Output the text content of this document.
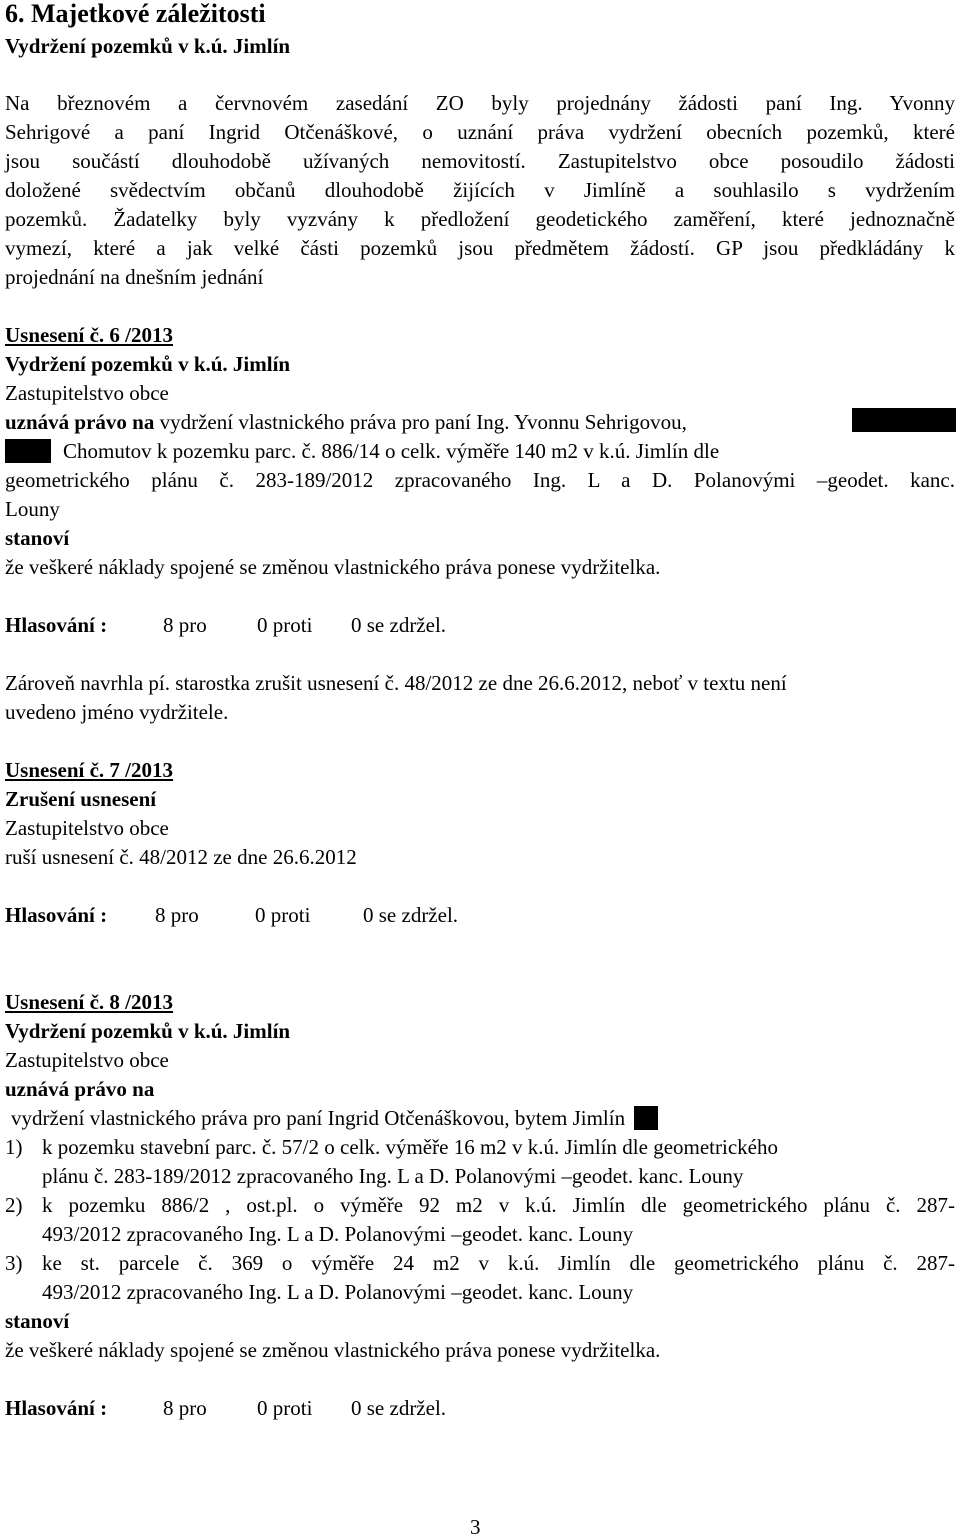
6. Majetkové záležitosti
Vydržení pozemků v k.ú. Jimlín
Na březnovém a červnovém zasedání ZO byly projednány žádosti paní Ing. Yvonny
Sehrigové a paní Ingrid Otčenáškové, o uznání práva vydržení obecních pozemků, které
jsou součástí dlouhodobě užívaných nemovitostí. Zastupitelstvo obce posoudilo žádosti
doložené svědectvím občanů dlouhodobě žijících v Jimlíně a souhlasilo s vydržením
pozemků. Žadatelky byly vyzvány k předložení geodetického zaměření, které jednoznačně
vymezí, které a jak velké části pozemků jsou předmětem žádostí. GP jsou předkládány k
projednání na dnešním jednání
Usnesení č. 6 /2013
Vydržení pozemků v k.ú. Jimlín
Zastupitelstvo obce
uznává právo na vydržení vlastnického práva pro paní Ing. Yvonnu Sehrigovou,
Chomutov k pozemku parc. č. 886/14 o celk. výměře 140 m2 v k.ú. Jimlín dle
geometrického plánu č. 283-189/2012 zpracovaného Ing. L a D. Polanovými –geodet. kanc.
Louny
stanoví
že veškeré náklady spojené se změnou vlastnického práva ponese vydržitelka.
Hlasování :	8 pro 0 proti 0 se zdržel.
Zároveň navrhla pí. starostka zrušit usnesení č. 48/2012 ze dne 26.6.2012, neboť v textu není
uvedeno jméno vydržitele.
Usnesení č. 7 /2013
Zrušení usnesení
Zastupitelstvo obce
ruší usnesení č. 48/2012 ze dne 26.6.2012
Hlasování : 8 pro	0 proti	0 se zdržel.
Usnesení č. 8 /2013
Vydržení pozemků v k.ú. Jimlín
Zastupitelstvo obce
uznává právo na
vydržení vlastnického práva pro paní Ingrid Otčenáškovou, bytem Jimlín
1) k pozemku stavební parc. č. 57/2 o celk. výměře 16 m2 v k.ú. Jimlín dle geometrického
plánu č. 283-189/2012 zpracovaného Ing. L a D. Polanovými –geodet. kanc. Louny
2) k pozemku 886/2 , ost.pl. o výměře 92 m2 v k.ú. Jimlín dle geometrického plánu č. 287-
493/2012 zpracovaného Ing. L a D. Polanovými –geodet. kanc. Louny
3) ke st. parcele č. 369 o výměře 24 m2 v k.ú. Jimlín dle geometrického plánu č. 287-
493/2012 zpracovaného Ing. L a D. Polanovými –geodet. kanc. Louny
stanoví
že veškeré náklady spojené se změnou vlastnického práva ponese vydržitelka.
Hlasování :	8 pro 0 proti 0 se zdržel.
3
